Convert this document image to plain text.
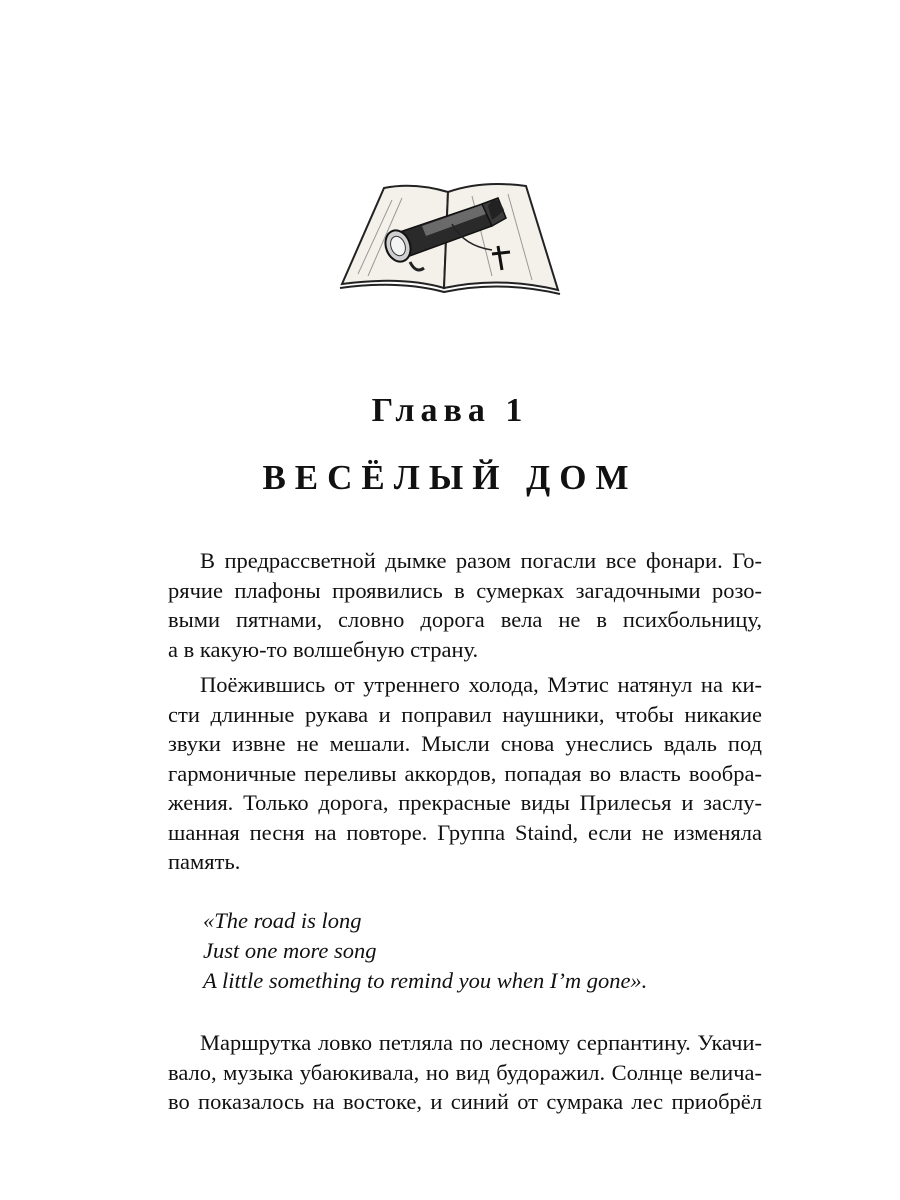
Глава 1
ВЕСЁЛЫЙ ДОМ
В предрассветной дымке разом погасли все фонари. Го-
рячие плафоны проявились в сумерках загадочными розо-
выми пятнами, словно дорога вела не в психбольницу,
а в какую-то волшебную страну.
Поёжившись от утреннего холода, Мэтис натянул на ки-
сти длинные рукава и поправил наушники, чтобы никакие
звуки извне не мешали. Мысли снова унеслись вдаль под
гармоничные переливы аккордов, попадая во власть вообра-
жения. Только дорога, прекрасные виды Прилесья и заслу-
шанная песня на повторе. Группа Staind, если не изменяла
память.
«The road is long
Just one more song
A little something to remind you when I’m gone».
Маршрутка ловко петляла по лесному серпантину. Укачи-
вало, музыка убаюкивала, но вид будоражил. Солнце велича-
во показалось на востоке, и синий от сумрака лес приобрёл
